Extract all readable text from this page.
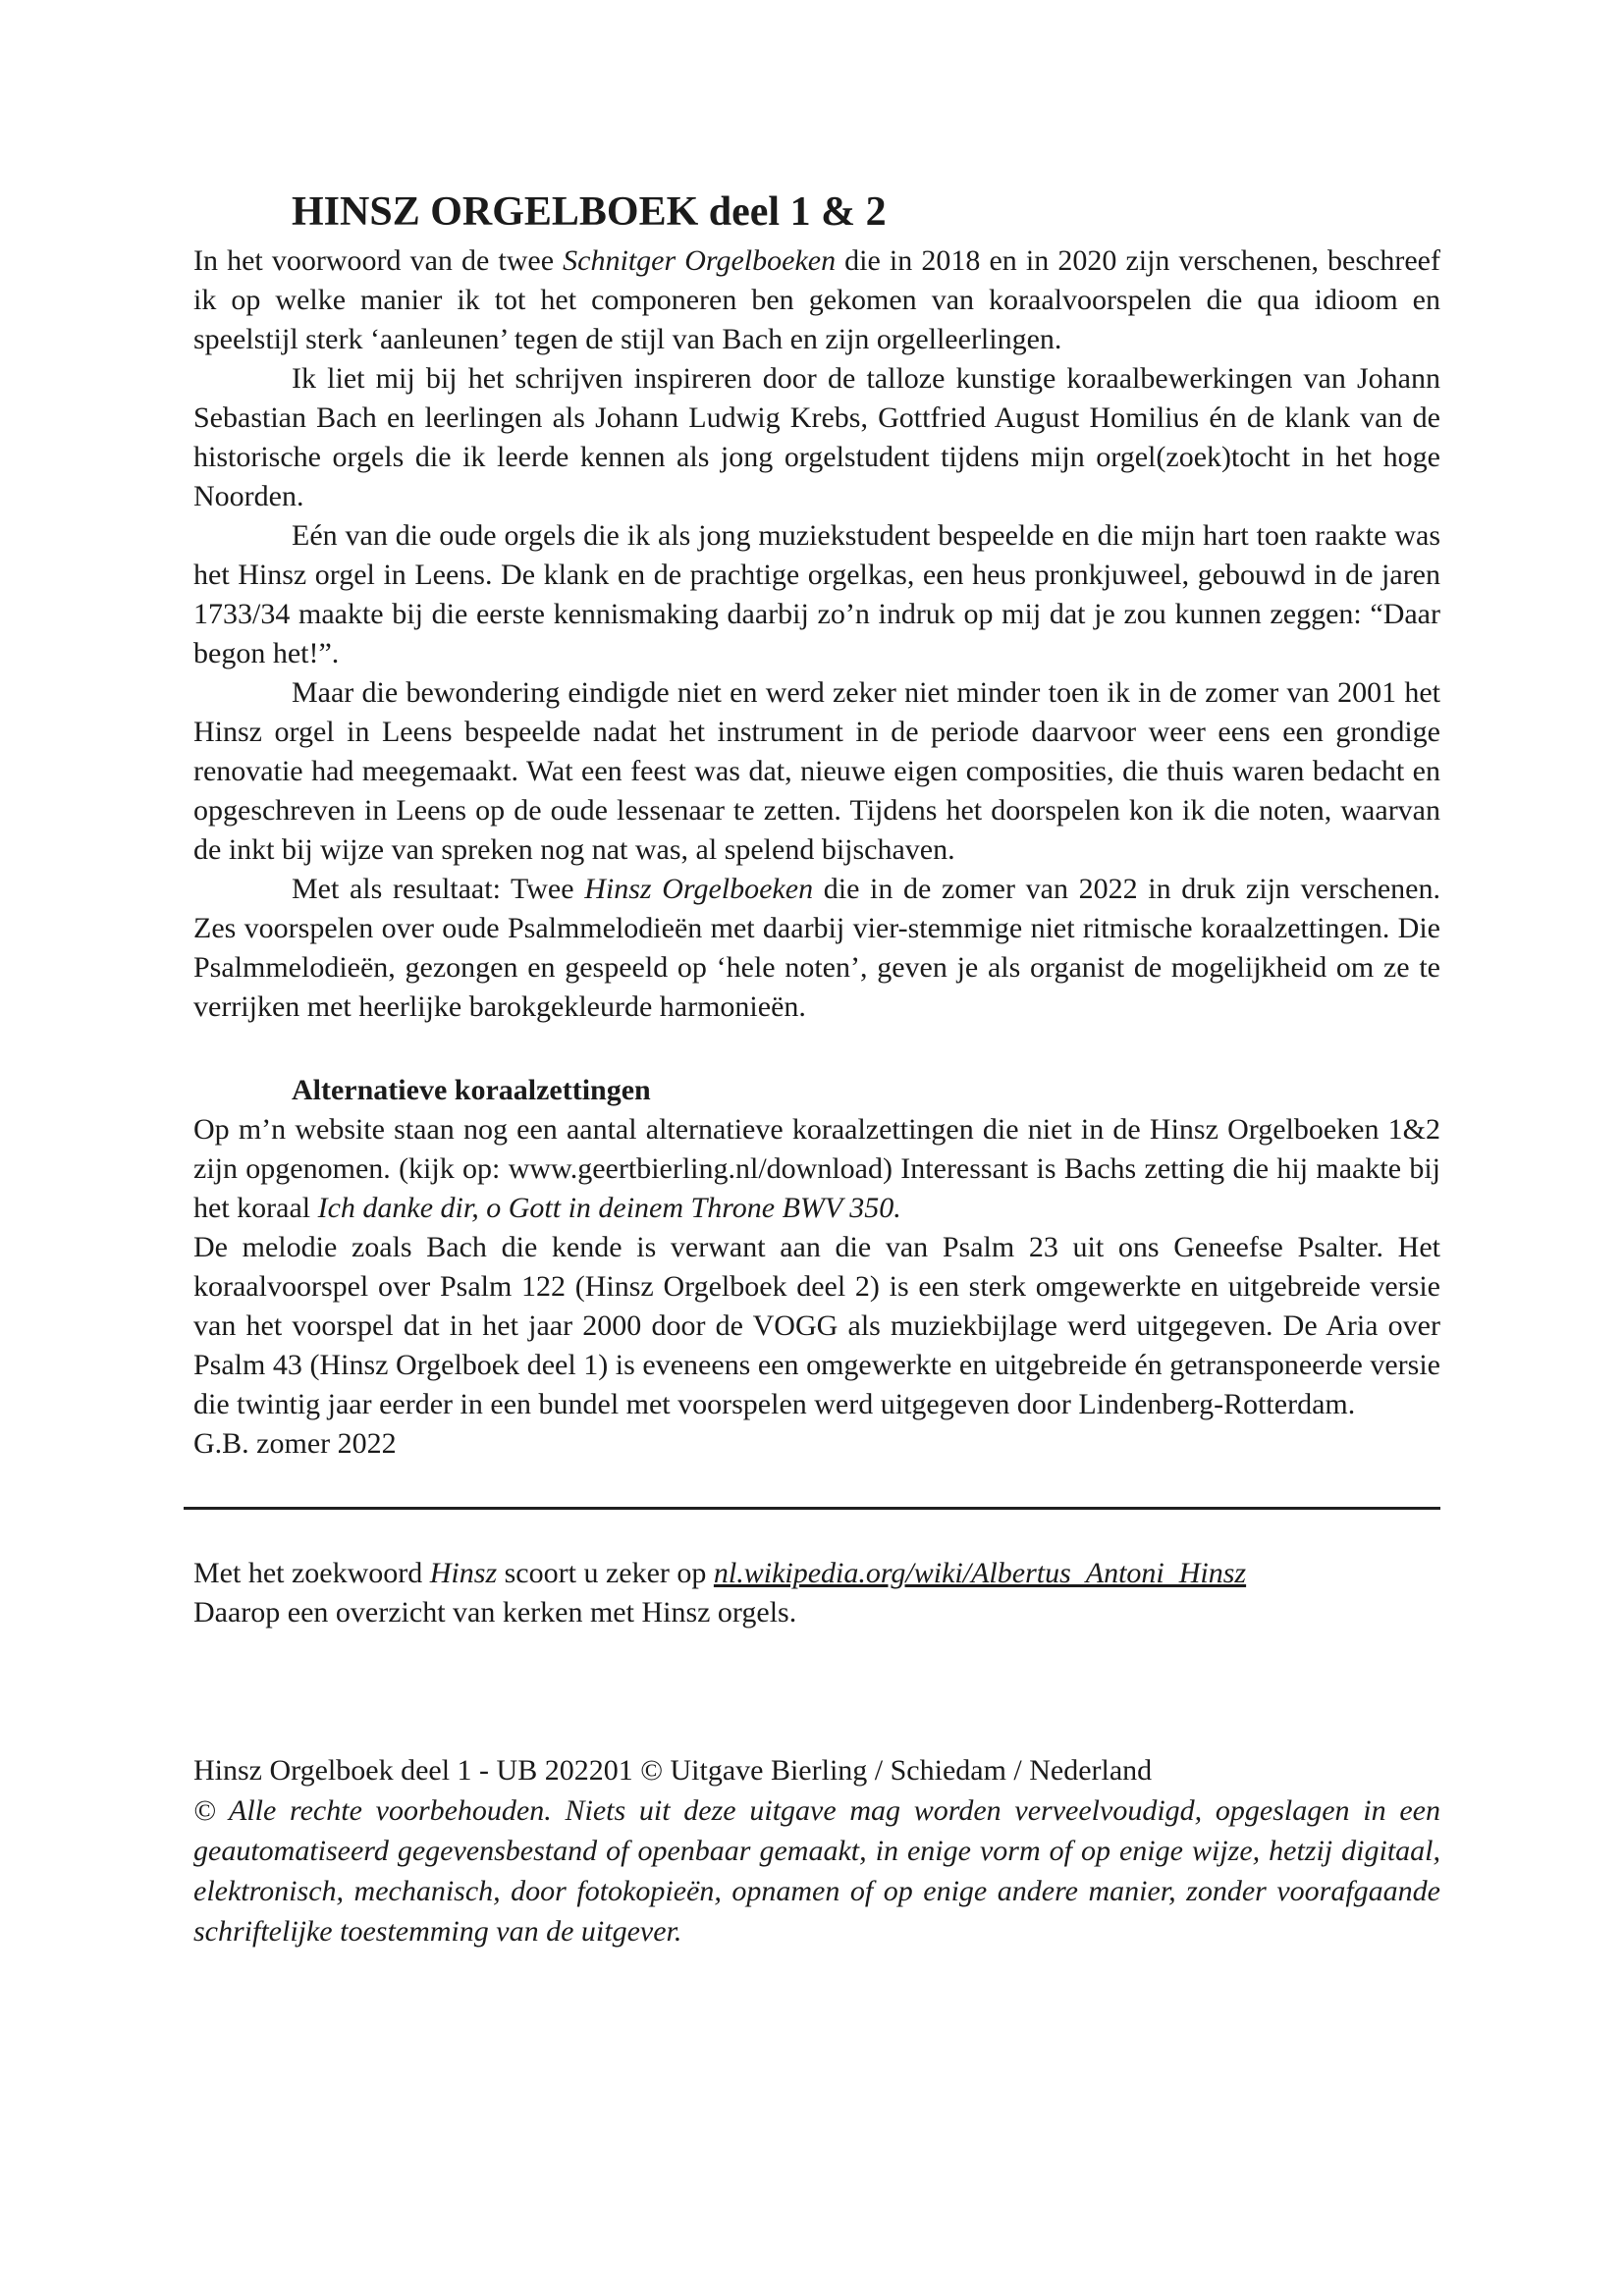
HINSZ ORGELBOEK deel 1 & 2

In het voorwoord van de twee Schnitger Orgelboeken die in 2018 en in 2020 zijn verschenen, beschreef ik op welke manier ik tot het componeren ben gekomen van koraalvoorspelen die qua idioom en speelstijl sterk ‘aanleunen’ tegen de stijl van Bach en zijn orgelleerlingen.

Ik liet mij bij het schrijven inspireren door de talloze kunstige koraalbewerkingen van Johann Sebastian Bach en leerlingen als Johann Ludwig Krebs, Gottfried August Homilius én de klank van de historische orgels die ik leerde kennen als jong orgelstudent tijdens mijn orgel(zoek)tocht in het hoge Noorden.

Eén van die oude orgels die ik als jong muziekstudent bespeelde en die mijn hart toen raakte was het Hinsz orgel in Leens. De klank en de prachtige orgelkas, een heus pronkjuweel, gebouwd in de jaren 1733/34 maakte bij die eerste kennismaking daarbij zo’n indruk op mij dat je zou kunnen zeggen: “Daar begon het!”.

Maar die bewondering eindigde niet en werd zeker niet minder toen ik in de zomer van 2001 het Hinsz orgel in Leens bespeelde nadat het instrument in de periode daarvoor weer eens een grondige renovatie had meegemaakt. Wat een feest was dat, nieuwe eigen composities, die thuis waren bedacht en opgeschreven in Leens op de oude lessenaar te zetten. Tijdens het doorspelen kon ik die noten, waarvan de inkt bij wijze van spreken nog nat was, al spelend bijschaven.

Met als resultaat: Twee Hinsz Orgelboeken die in de zomer van 2022 in druk zijn verschenen. Zes voorspelen over oude Psalmmelodieën met daarbij vier-stemmige niet ritmische koraalzettingen. Die Psalmmelodieën, gezongen en gespeeld op ‘hele noten’, geven je als organist de mogelijkheid om ze te verrijken met heerlijke barokgekleurde harmonieën.

Alternatieve koraalzettingen

Op m’n website staan nog een aantal alternatieve koraalzettingen die niet in de Hinsz Orgelboeken 1&2 zijn opgenomen. (kijk op: www.geertbierling.nl/download) Interessant is Bachs zetting die hij maakte bij het koraal Ich danke dir, o Gott in deinem Throne BWV 350.

De melodie zoals Bach die kende is verwant aan die van Psalm 23 uit ons Geneefse Psalter. Het koraalvoorspel over Psalm 122 (Hinsz Orgelboek deel 2) is een sterk omgewerkte en uitgebreide versie van het voorspel dat in het jaar 2000 door de VOGG als muziekbijlage werd uitgegeven. De Aria over Psalm 43 (Hinsz Orgelboek deel 1) is eveneens een omgewerkte en uitgebreide én getransponeerde versie die twintig jaar eerder in een bundel met voorspelen werd uitgegeven door Lindenberg-Rotterdam.

G.B. zomer 2022

Met het zoekwoord Hinsz scoort u zeker op nl.wikipedia.org/wiki/Albertus_Antoni_Hinsz

Daarop een overzicht van kerken met Hinsz orgels.

Hinsz Orgelboek deel 1 - UB 202201 © Uitgave Bierling / Schiedam / Nederland

© Alle rechte voorbehouden. Niets uit deze uitgave mag worden verveelvoudigd, opgeslagen in een geautomatiseerd gegevensbestand of openbaar gemaakt, in enige vorm of op enige wijze, hetzij digitaal, elektronisch, mechanisch, door fotokopieën, opnamen of op enige andere manier, zonder voorafgaande schriftelijke toestemming van de uitgever.
